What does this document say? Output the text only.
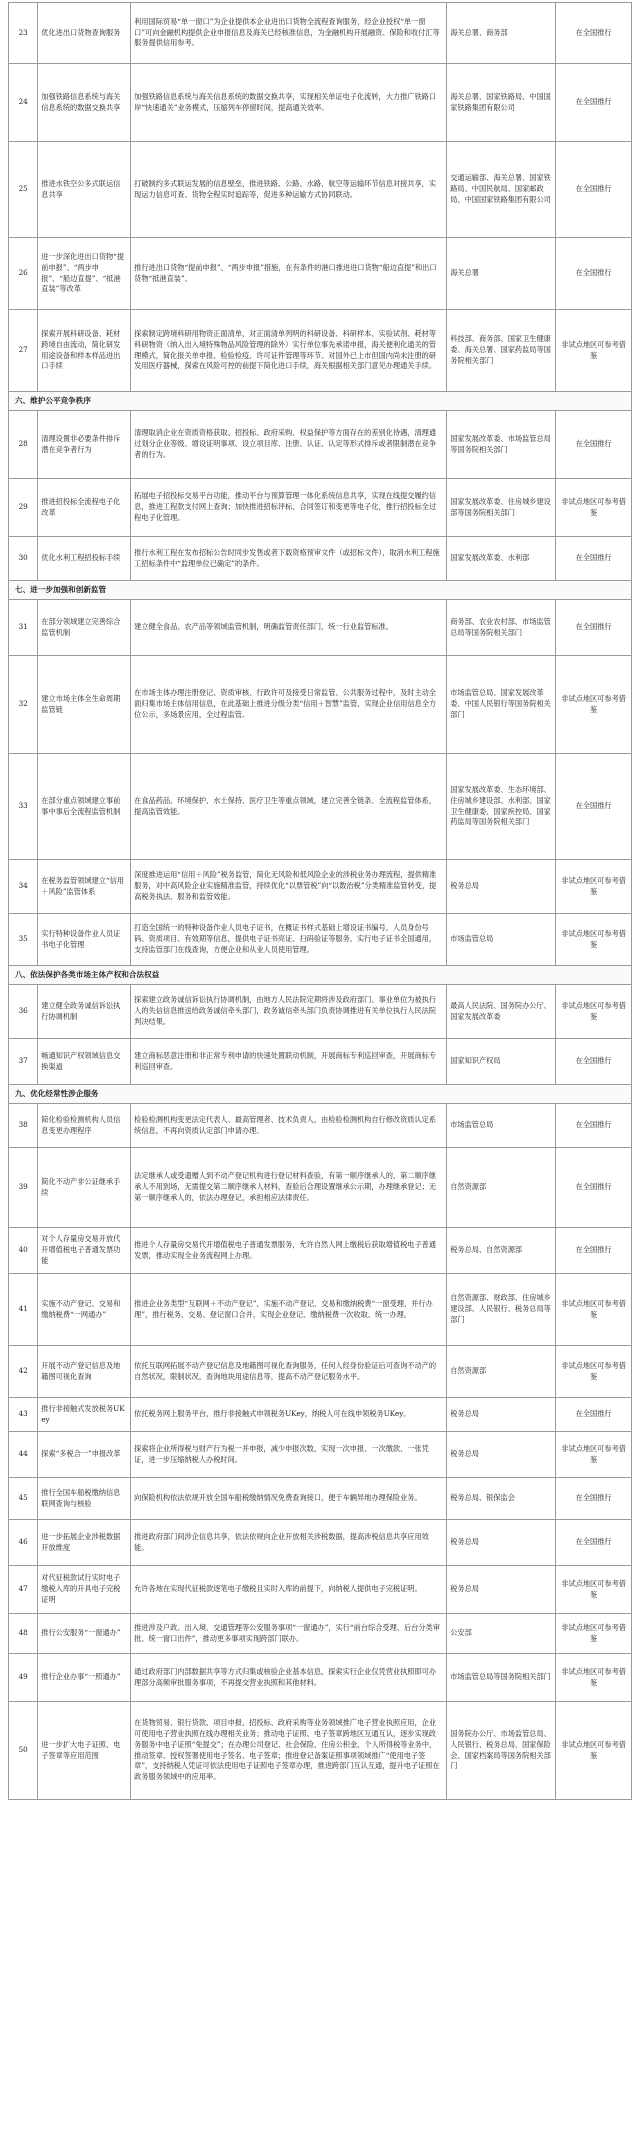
23	优化进出口货物查询服务	利用国际贸易“单一窗口”为企业提供本企业进出口货物全流程查询服务，经企业授权“单一窗口”可向金融机构提供企业申报信息及海关已经核准信息，为金融机构开展融资、保险和收付汇等服务提供信用参考。	海关总署、商务部	在全国推行
24	加强铁路信息系统与海关信息系统的数据交换共享	加强铁路信息系统与海关信息系统的数据交换共享，实现相关单证电子化流转，大力推广铁路口岸“快速通关”业务模式，压缩列车停留时间，提高通关效率。	海关总署、国家铁路局、中国国家铁路集团有限公司	在全国推行
25	推进水铁空公多式联运信息共享	打破制约多式联运发展的信息壁垒，推进铁路、公路、水路、航空等运输环节信息对接共享，实现运力信息可查、货物全程实时追踪等，促进多种运输方式协同联动。	交通运输部、海关总署、国家铁路局、中国民航局、国家邮政局、中国国家铁路集团有限公司	在全国推行
26	进一步深化进出口货物“提前申报”、“两步申报”、“船边直提”、“抵港直装”等改革	推行进出口货物“提前申报”、“两步申报”措施，在有条件的港口推进进口货物“船边直提”和出口货物“抵港直装”。	海关总署	在全国推行
27	探索开展科研设备、耗材跨境自由流动，简化研发用途设备和样本样品进出口手续	探索制定跨境科研用物资正面清单，对正面清单列明的科研设备、科研样本、实验试剂、耗材等科研物资（纳入出入境特殊物品风险管理的除外）实行单位事先承诺申报，海关便利化通关的管理模式，简化报关单申报、检验检疫、许可证件管理等环节。对国外已上市但国内尚未注册的研发用医疗器械，探索在风险可控的前提下简化进口手续，海关根据相关部门意见办理通关手续。	科技部、商务部、国家卫生健康委、海关总署、国家药监局等国务院相关部门	非试点地区可参考借鉴
六、维护公平竞争秩序				
28	清理设置非必要条件排斥潜在竞争者行为	清理取消企业在资质资格获取、招投标、政府采购、权益保护等方面存在的差别化待遇，清理通过划分企业等级、增设证明事项、设立项目库、注册、认证、认定等形式排斥或者限制潜在竞争者的行为。	国家发展改革委、市场监管总局等国务院相关部门	在全国推行
29	推进招投标全流程电子化改革	拓展电子招投标交易平台功能，推动平台与预算管理一体化系统信息共享，实现在线提交履约信息，推进工程款支付网上查询；加快推进招标评标、合同签订和变更等电子化，推行招投标全过程电子化管理。	国家发展改革委、住房城乡建设部等国务院相关部门	非试点地区可参考借鉴
30	优化水利工程招投标手续	推行水利工程在发布招标公告时同步发售或者下载资格预审文件（或招标文件），取消水利工程施工招标条件中“监理单位已确定”的条件。	国家发展改革委、水利部	在全国推行
七、进一步加强和创新监管				
31	在部分领域建立完善综合监管机制	建立健全食品、农产品等领域监管机制，明确监管责任部门，统一行业监管标准。	商务部、农业农村部、市场监管总局等国务院相关部门	在全国推行
32	建立市场主体全生命周期监管链	在市场主体办理注册登记、资质审核、行政许可及接受日常监管、公共服务过程中，及时主动全面归集市场主体信用信息，在此基础上推进分级分类“信用＋智慧”监管，实现企业信用信息全方位公示，多场景应用，全过程监管。	市场监管总局、国家发展改革委、中国人民银行等国务院相关部门	非试点地区可参考借鉴
33	在部分重点领域建立事前事中事后全流程监管机制	在食品药品、环境保护、水土保持、医疗卫生等重点领域，建立完善全链条、全流程监管体系，提高监管效能。	国家发展改革委、生态环境部、住房城乡建设部、水利部、国家卫生健康委、国家疾控局、国家药监局等国务院相关部门	在全国推行
34	在税务监管领域建立“信用＋风险”监管体系	深度推进运用“信用＋风险”税务监管，简化无风险和低风险企业的涉税业务办理流程，提供精准服务，对中高风险企业实施精准监管，持续优化“以票管税”向“以数治税”分类精准监管转变，提高税务执法、服务和监管效能。	税务总局	非试点地区可参考借鉴
35	实行特种设备作业人员证书电子化管理	打造全国统一的特种设备作业人员电子证书，在概证书样式基础上增设证书编号，人员身份号码、资质项目、有效期等信息，提供电子证书亮证、扫码验证等服务，实行电子证书全国通用，支持监管部门在线查询，方便企业和从业人员使用管理。	市场监管总局	非试点地区可参考借鉴
八、依法保护各类市场主体产权和合法权益				
36	建立健全政务诚信诉讼执行协调机制	探索建立政务诚信诉讼执行协调机制，由地方人民法院定期将涉及政府部门、事业单位为被执行人的失信信息推送给政务诚信牵头部门，政务诚信牵头部门负责协调推进有关单位执行人民法院判决结果。	最高人民法院、国务院办公厅、国家发展改革委	非试点地区可参考借鉴
37	畅通知识产权领域信息交换渠道	建立商标恶意注册和非正常专利申请的快速处置联动机制，开展商标专利巡回审查，开展商标专利巡回审查。	国家知识产权局	在全国推行
九、优化经常性涉企服务				
38	简化检验检测机构人员信息变更办理程序	检验检测机构变更法定代表人、最高管理者、技术负责人，由检验检测机构自行修改资质认定系统信息，不再向资质认定部门申请办理。	市场监管总局	在全国推行
39	简化不动产非公证继承手续	法定继承人或受遗赠人到不动产登记机构进行登记材料查验，有第一顺序继承人的，第二顺序继承人不用到场，无需提交第二顺序继承人材料，查验后合理设置继承公示期，办理继承登记；无第一顺序继承人的，依法办理登记，承担相应法律责任。	自然资源部	在全国推行
40	对个人存量房交易开放代开增值税电子普通发票功能	推进个人存量房交易代开增值税电子普通发票服务，允许自然人网上缴税后获取增值税电子普通发票，推动实现全业务流程网上办理。	税务总局、自然资源部	在全国推行
41	实施不动产登记、交易和缴纳税费“一网通办”	推进企业务类型“互联网＋不动产登记”，实施不动产登记、交易和缴纳税费“一窗受理、并行办理”，推行税务、交易、登记窗口合并，实现企业登记、缴纳税费一次收取、统一办理。	自然资源部、财政部、住房城乡建设部、人民银行、税务总局等部门	非试点地区可参考借鉴
42	开展不动产登记信息及地籍图可视化查询	依托互联网拓展不动产登记信息及地籍图可视化查询服务，任何人经身份验证后可查询不动产的自然状况，限制状况，查询地块用途信息等，提高不动产登记服务水平。	自然资源部	非试点地区可参考借鉴
43	推行非接触式发放税务UKey	依托税务网上服务平台，推行非接触式申领税务UKey，纳税人可在线申领税务UKey。	税务总局	在全国推行
44	探索“多税合一”申报改革	探索将企业所得税与财产行为税一并申报，减少申报次数，实现一次申报、一次缴款、一张凭证，进一步压缩纳税人办税时间。	税务总局	非试点地区可参考借鉴
45	推行全国车船税缴纳信息联网查询与核验	向保险机构依法依规开放全国车船税缴纳情况免费查询接口，便于车辆异地办理保险业务。	税务总局、银保监会	在全国推行
46	进一步拓展企业涉税数据开放维度	推进政府部门间涉企信息共享，依法依规向企业开放相关涉税数据，提高涉税信息共享应用效能。	税务总局	在全国推行
47	对代征税款试行实时电子缴税入库的开具电子完税证明	允许各地在实现代征税款逐笔电子缴税且实时入库的前提下，向纳税人提供电子完税证明。	税务总局	非试点地区可参考借鉴
48	推行公安服务“一窗通办”	推进涉及户政、出入境、交通管理等公安服务事项“一窗通办”，实行“前台综合受理、后台分类审批、统一窗口出件”，推动更多事项实现跨部门联办。	公安部	非试点地区可参考借鉴
49	推行企业办事“一照通办”	通过政府部门内部数据共享等方式归集或核验企业基本信息，探索实行企业仅凭营业执照即可办理部分高频审批服务事项，不再提交营业执照和其他材料。	市场监管总局等国务院相关部门	非试点地区可参考借鉴
50	进一步扩大电子证照、电子签章等应用范围	在货物贸易、银行贷款、项目申报、招投标、政府采购等业务领域推广电子营业执照应用，企业可使用电子营业执照在线办理相关业务；推动电子证照、电子签章跨地区互通互认，逐步实现政务服务中电子证照“免提交”；在办理公司登记、社会保险、住房公积金、个人所得税等业务中，推动签章、授权签署使用电子签名、电子签章；推进登记备案证照事项领域推广“使用电子签章”，支持纳税人凭证可依法使用电子证照电子签章办理，推进跨部门互认互通，提升电子证照在政务服务领域中的应用率。	国务院办公厅、市场监管总局、人民银行、税务总局、国家保险会、国家档案局等国务院相关部门	非试点地区可参考借鉴
